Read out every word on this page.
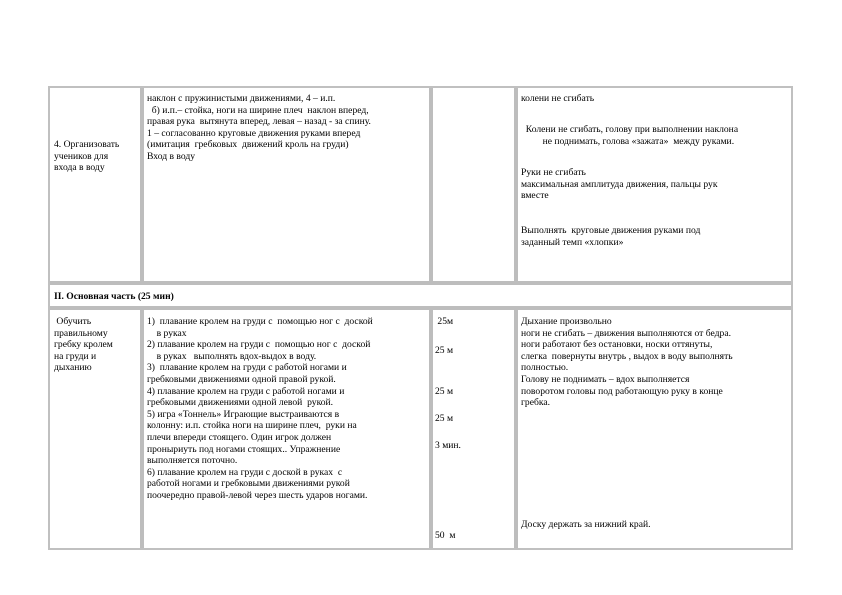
4. Организовать
учеников для
входа в воду
наклон с пружинистыми движениями, 4 – и.п.
б) и.п.– стойка, ноги на ширине плеч  наклон вперед,
правая рука  вытянута вперед, левая – назад - за спину.
1 – согласованно круговые движения руками вперед
(имитация  гребковых  движений кроль на груди)
Вход в воду
колени не сгибать
Колени не сгибать, голову при выполнении наклона
не поднимать, голова «зажата»  между руками.
Руки не сгибать
максимальная амплитуда движения, пальцы рук
вместе
Выполнять  круговые движения руками под
заданный темп «хлопки»
II. Основная часть (25 мин)
Обучить
правильному
гребку кролем
на груди и
дыханию
1)  плавание кролем на груди с  помощью ног с  доской
в руках
2) плавание кролем на груди с  помощью ног с  доской
в руках   выполнять вдох-выдох в воду.
3)  плавание кролем на груди с работой ногами и
гребковыми движениями одной правой рукой.
4) плавание кролем на груди с работой ногами и
гребковыми движениями одной левой  рукой.
5) игра «Тоннель» Играющие выстраиваются в
колонну: и.п. стойка ноги на ширине плеч,  руки на
плечи впереди стоящего. Один игрок должен
проныриуть под ногами стоящих.. Упражнение
выполняется поточно.
6) плавание кролем на груди с доской в руках  с
работой ногами и гребковыми движениями рукой
поочередно правой-левой через шесть ударов ногами.
25м
25 м
25 м
25 м
3 мин.
50  м
Дыхание произвольно
ноги не сгибать – движения выполняются от бедра.
ноги работают без остановки, носки оттянуты,
слегка  повернуты внутрь , выдох в воду выполнять
полностью.
Голову не поднимать – вдох выполняется
поворотом головы под работающую руку в конце
гребка.
Доску держать за нижний край.
